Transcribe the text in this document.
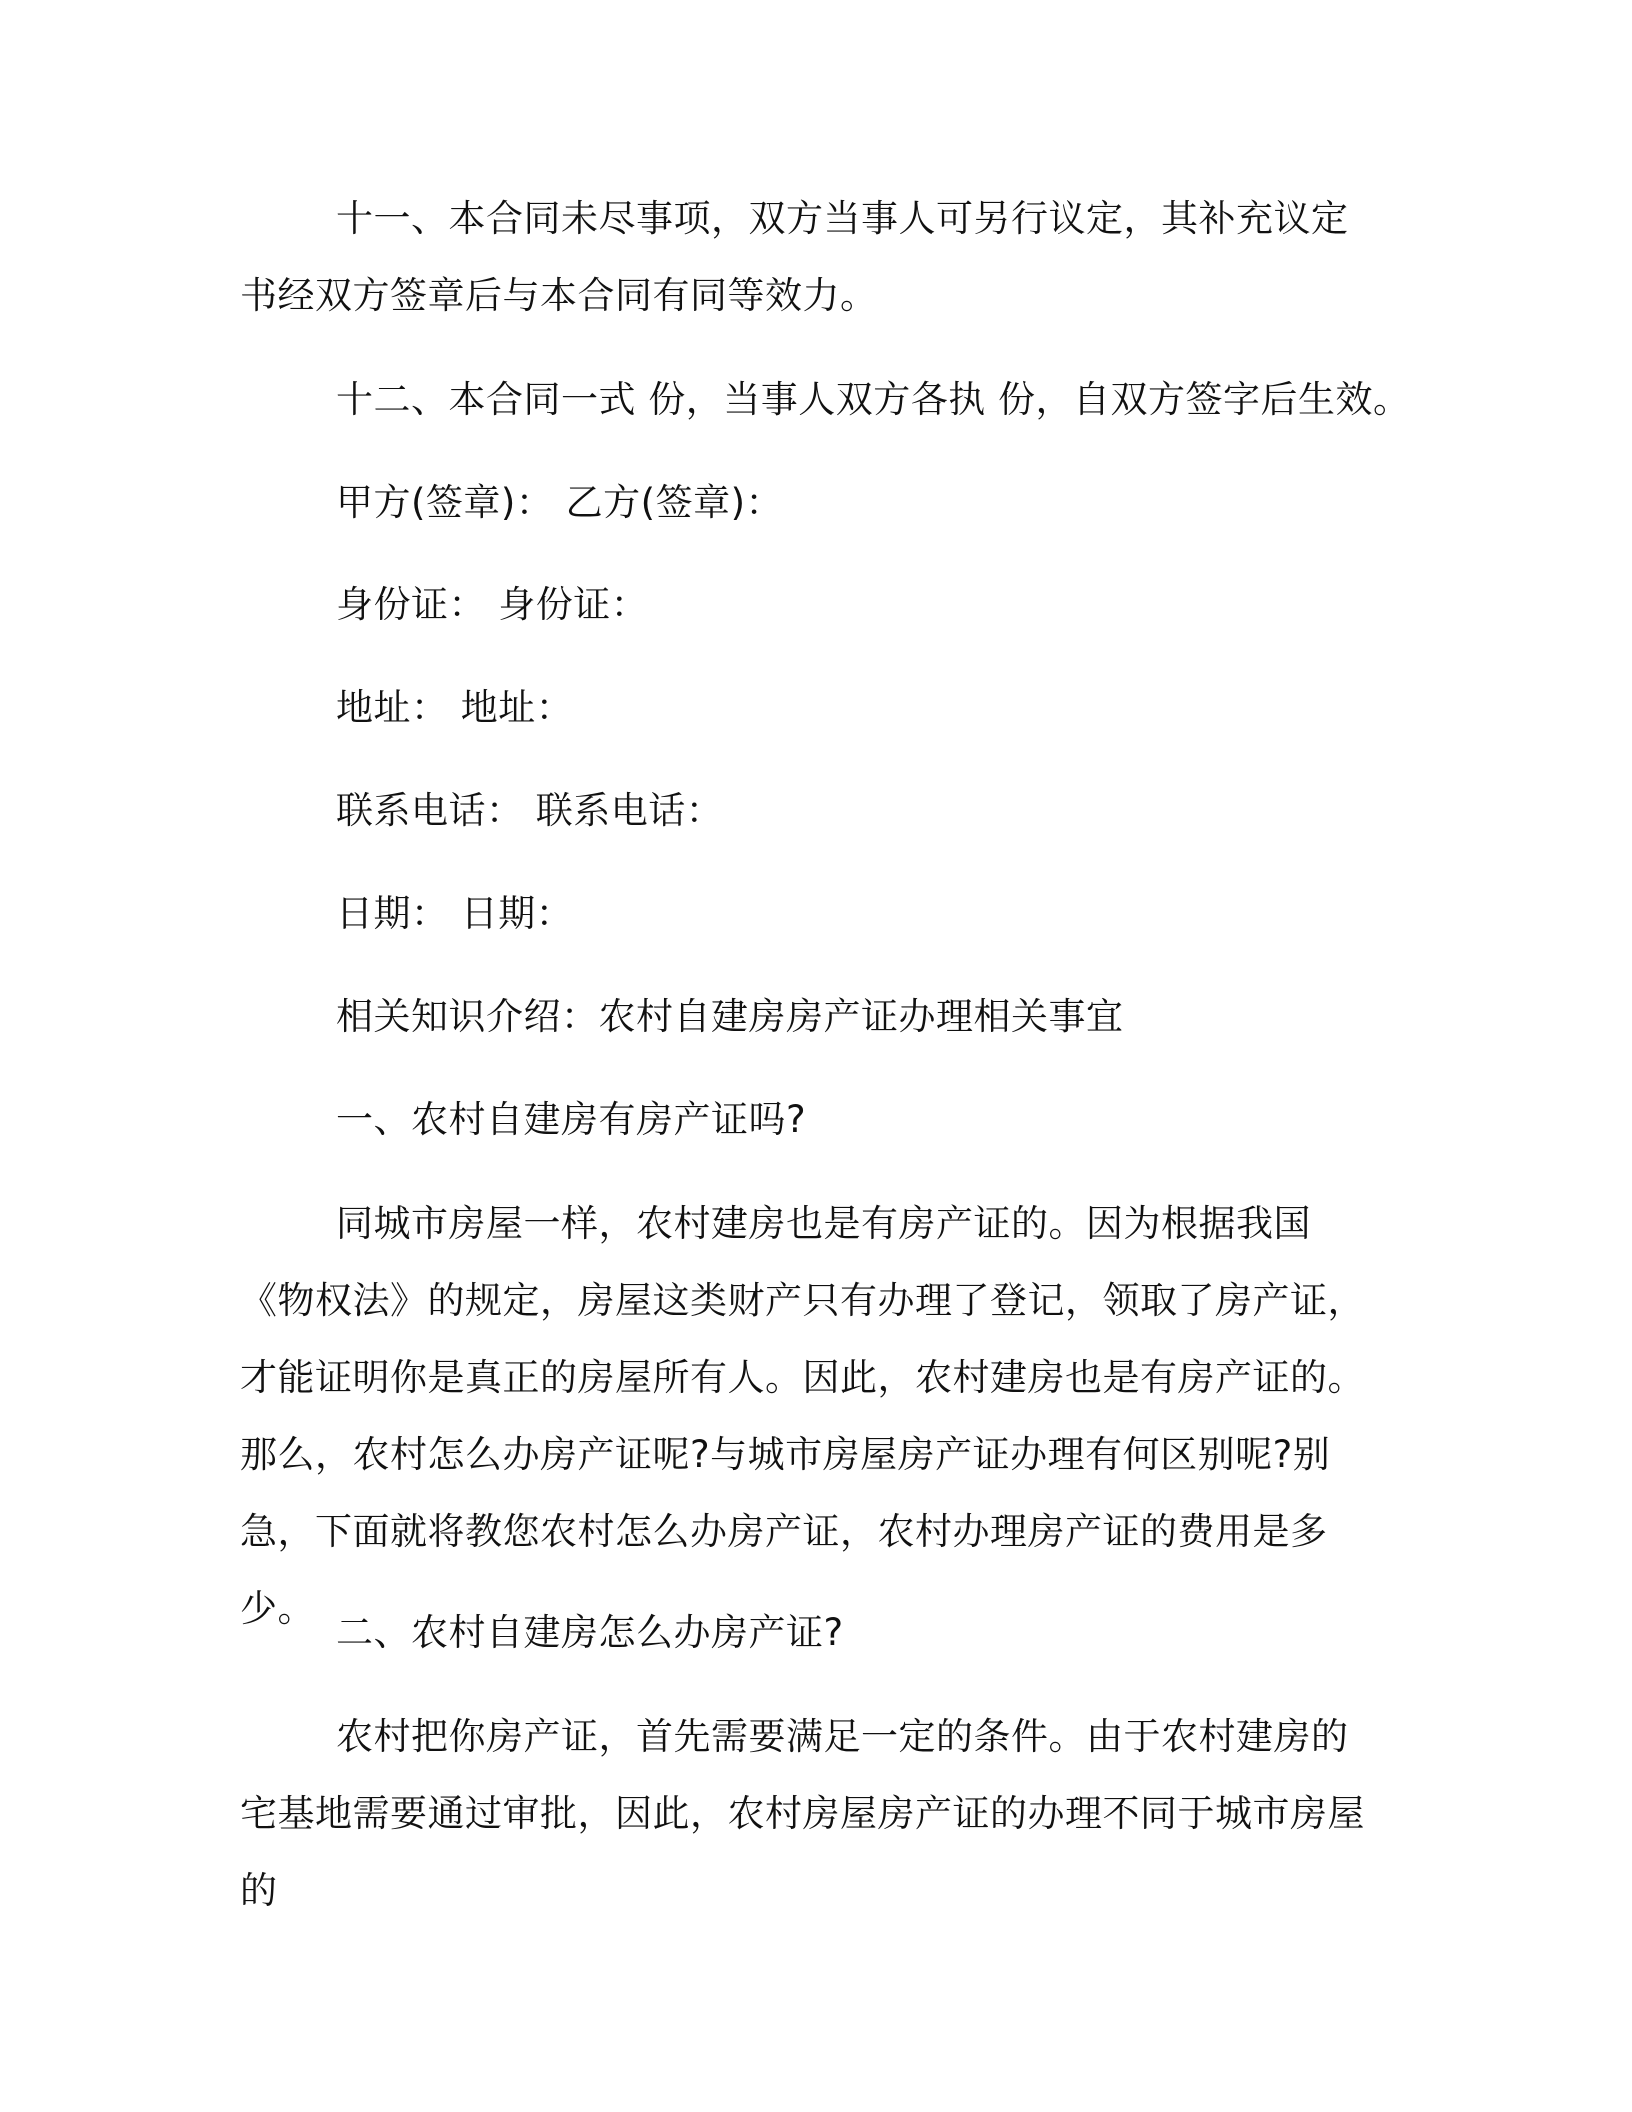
十一、本合同未尽事项，双方当事人可另行议定，其补充议定书经双方签章后与本合同有同等效力。

十二、本合同一式 份，当事人双方各执 份，自双方签字后生效。

甲方(签章)： 乙方(签章)：

身份证： 身份证：

地址： 地址：

联系电话： 联系电话：

日期： 日期：

相关知识介绍：农村自建房房产证办理相关事宜

一、农村自建房有房产证吗?

同城市房屋一样，农村建房也是有房产证的。因为根据我国《物权法》的规定，房屋这类财产只有办理了登记，领取了房产证，才能证明你是真正的房屋所有人。因此，农村建房也是有房产证的。那么，农村怎么办房产证呢?与城市房屋房产证办理有何区别呢?别急，下面就将教您农村怎么办房产证，农村办理房产证的费用是多少。

二、农村自建房怎么办房产证?

农村把你房产证，首先需要满足一定的条件。由于农村建房的宅基地需要通过审批，因此，农村房屋房产证的办理不同于城市房屋的
